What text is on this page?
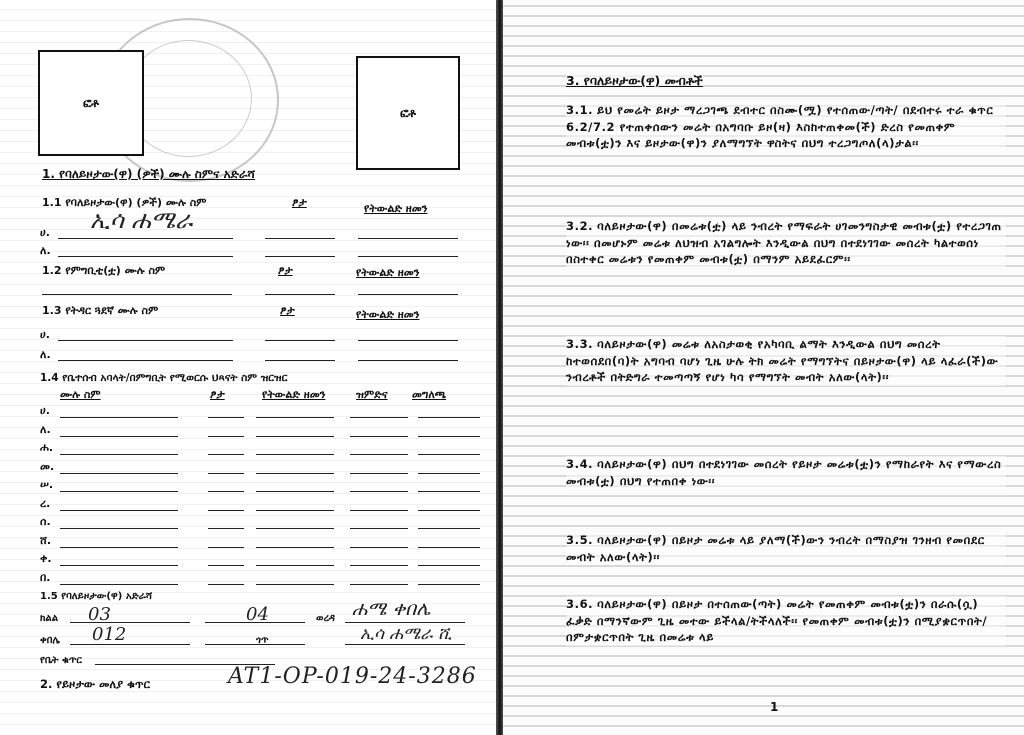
ፎቶ
ፎቶ
1. የባለይዞታው(ዋ) (ዎች) ሙሉ ስምና አድራሻ
1.1 የባለይዞታው(ዋ) (ዎች) ሙሉ ስም	ፆታ	የትውልድ ዘመን
ሀ. ኢሳ ሐሜራ
ለ.
1.2 የምግቢቲ(ቷ) ሙሉ ስም	ፆታ	የትውልድ ዘመን
1.3 የትዳር ጓደኛ ሙሉ ስም	ፆታ	የትውልድ ዘመን
ሀ.
ለ.
1.4 የቤተሰብ አባላት/በምግቢት የሚወርሱ ህጻናት ስም ዝርዝር
ሙሉ ስም	ፆታ	የትውልድ ዘመን	ዝምድና መግለጫ
ሀ.
ለ.
ሐ.
መ.
ሠ.
ረ.
ሰ.
ሸ.
ቀ.
በ.
1.5 የባለይዞታው(ዋ) አድራሻ
ክልል 03	04	ወረዳ ሐሜ ቀበሌ
ቀበሌ 012	ጎጥ	ኢሳ ሐሜራ ሺ
የቤት ቁጥር
2. የይዞታው መለያ ቁጥር	AT1-OP-019-24-3286
3. የባለይዞታው(ዋ) መብቶች
3.1. ይህ የመሬት ይዞታ ማረጋገጫ ደብተር በስሙ(ሟ) የተሰጠው/ጣት/ በደብተሩ ተራ ቁጥር 6.2/7.2 የተጠቀሰውን መሬት በአግባቡ ይዞ(ዛ) እስከተጠቀመ(ች) ድረስ የመጠቀም መብቱ(ቷ)ን እና ይዞታው(ዋ)ን ያለማግኘት ዋስትና በህግ ተረጋግጦለ(ላ)ታል፡፡
3.2. ባለይዞታው(ዋ) በመሬቱ(ቷ) ላይ ንብረት የማፍራት ሀገመንግስታዊ መብቱ(ቷ) የተረጋገጠ ነው፡፡ በመሆኑም መሬቱ ለህዝብ አገልግሎት እንዲውል በህግ በተደነገገው መሰረት ካልተወሰነ በስተቀር መሬቱን የመጠቀም መብቱ(ቷ) በማንም አይደፈርም፡፡
3.3. ባለይዞታው(ዋ) መሬቱ ለአስታወቂ የአካባቢ ልማት እንዲውል በህግ መሰረት ከተወሰደበ(ባ)ት አግባብ ባሆነ ጊዜ ሁሉ ትክ መሬት የማግኘትና በይዞታው(ዋ) ላይ ላፈራ(ች)ው ንብረቶች በትድግራ ተመጣጣኝ የሆነ ካሳ የማግኘት መብት አለው(ላት)፡፡
3.4. ባለይዞታው(ዋ) በህግ በተደነገገው መሰረት የይዞታ መሬቱ(ቷ)ን የማከራየት እና የማውረስ መብቱ(ቷ) በህግ የተጠበቀ ነው፡፡
3.5. ባለይዞታው(ዋ) በይዞታ መሬቱ ላይ ያለማ(ች)ውን ንብረት በማስያዝ ገንዘብ የመበደር መብት አለው(ላት)፡፡
3.6. ባለይዞታው(ዋ) በይዞታ በተሰጠው(ጣት) መሬት የመጠቀም መብቱ(ቷ)ን በራሱ(ሷ) ፈቃድ በማንኛውም ጊዜ መተው ይችላል/ትችላለች፡፡ የመጠቀም መብቱ(ቷ)ን በሚያቋርጥበት/በምታቋርጥበት ጊዜ በመሬቱ ላይ
1
